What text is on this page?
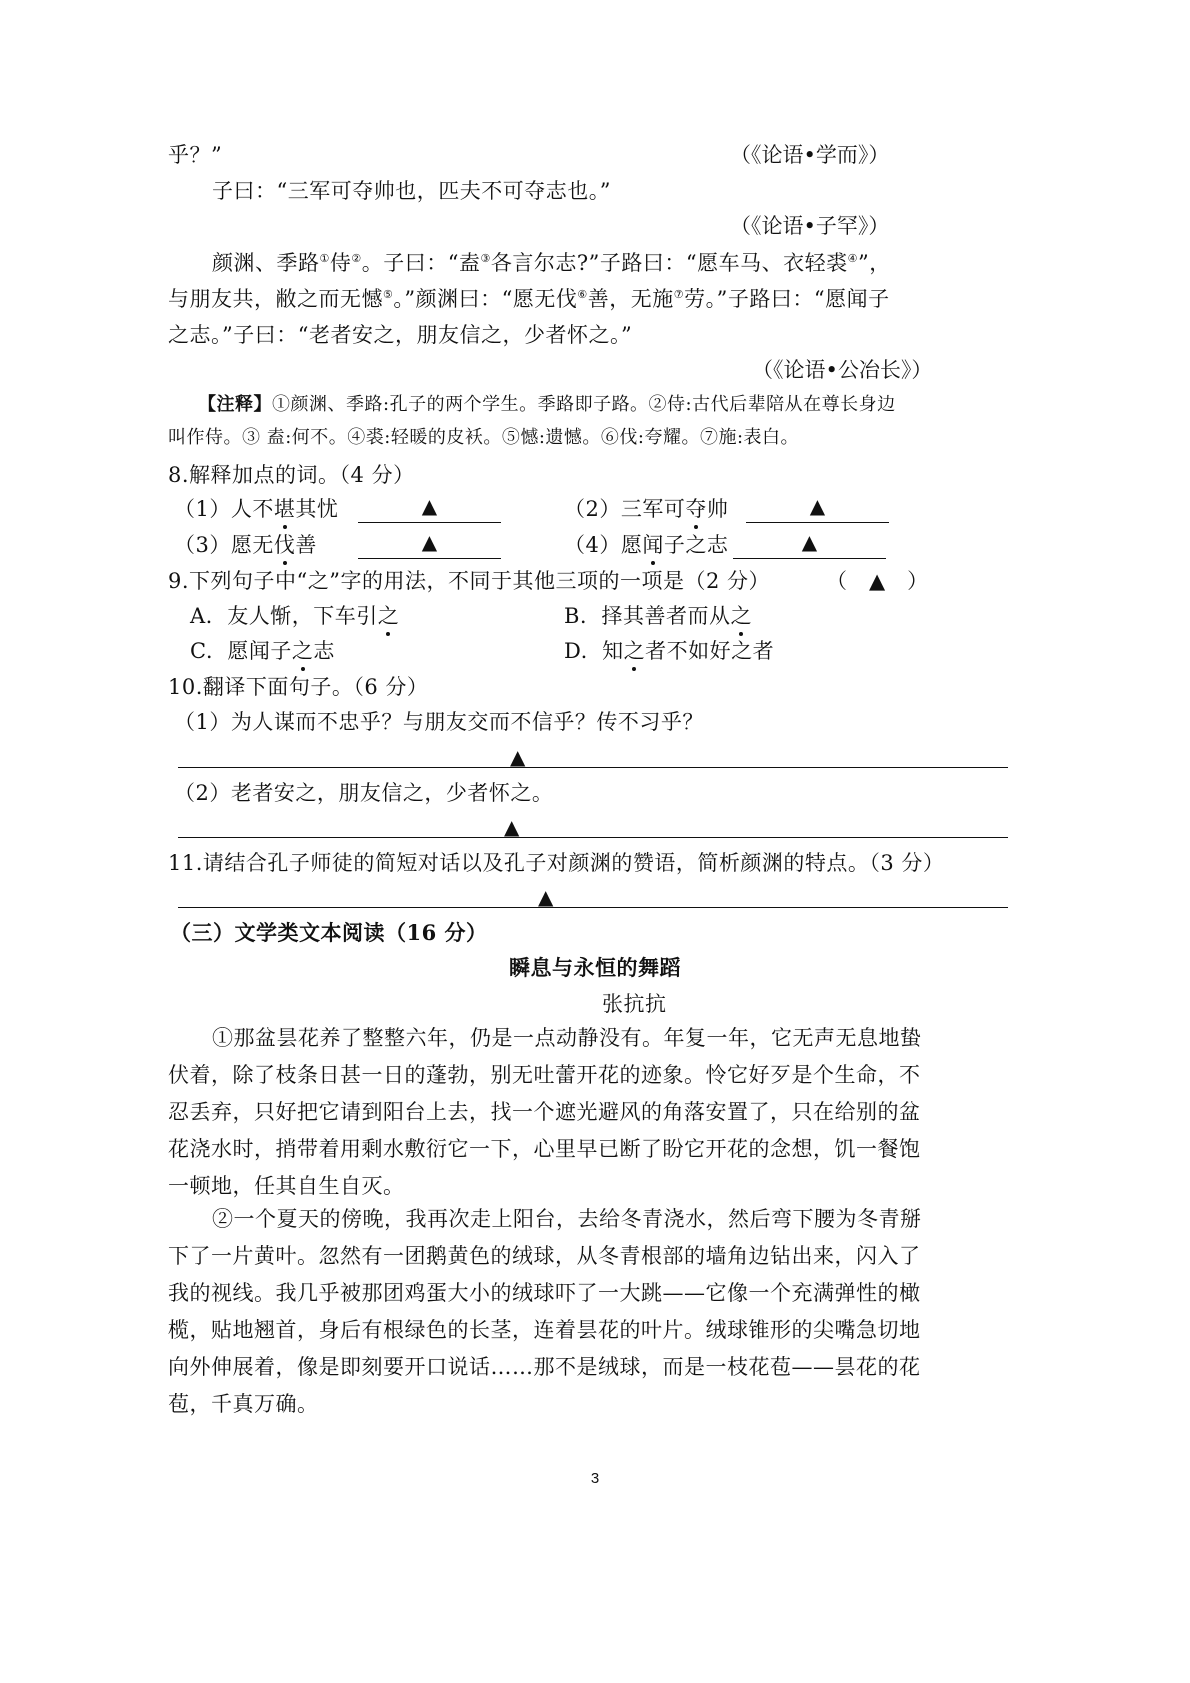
乎？”	（《论语•学而》）
子曰：“三军可夺帅也，匹夫不可夺志也。”
（《论语•子罕》）
颜渊、季路①侍②。子曰：“盍③各言尔志?”子路曰：“愿车马、衣轻裘④”，
与朋友共，敝之而无憾⑤。”颜渊曰：“愿无伐⑥善，无施⑦劳。”子路曰：“愿闻子
之志。”子曰：“老者安之，朋友信之，少者怀之。”
（《论语•公冶长》）
【注释】①颜渊、季路:孔子的两个学生。季路即子路。②侍:古代后辈陪从在尊长身边
叫作侍。③ 盍:何不。④裘:轻暖的皮袄。⑤憾:遗憾。⑥伐:夸耀。⑦施:表白。
8.解释加点的词。（4 分）
（1）人不堪其忧	▲	（2）三军可夺帅	▲
（3）愿无伐善	▲	（4）愿闻子之志	▲
9.下列句子中“之”字的用法，不同于其他三项的一项是（2 分）	（　▲　）
A. 友人惭，下车引之	B. 择其善者而从之
C. 愿闻子之志	D. 知之者不如好之者
10.翻译下面句子。（6 分）
（1）为人谋而不忠乎？与朋友交而不信乎？传不习乎？
▲
（2）老者安之，朋友信之，少者怀之。
▲
11.请结合孔子师徒的简短对话以及孔子对颜渊的赞语，简析颜渊的特点。（3 分）
▲
（三）文学类文本阅读（16 分）
瞬息与永恒的舞蹈
张抗抗
①那盆昙花养了整整六年，仍是一点动静没有。年复一年，它无声无息地蛰
伏着，除了枝条日甚一日的蓬勃，别无吐蕾开花的迹象。怜它好歹是个生命，不
忍丢弃，只好把它请到阳台上去，找一个遮光避风的角落安置了，只在给别的盆
花浇水时，捎带着用剩水敷衍它一下，心里早已断了盼它开花的念想，饥一餐饱
一顿地，任其自生自灭。
②一个夏天的傍晚，我再次走上阳台，去给冬青浇水，然后弯下腰为冬青掰
下了一片黄叶。忽然有一团鹅黄色的绒球，从冬青根部的墙角边钻出来，闪入了
我的视线。我几乎被那团鸡蛋大小的绒球吓了一大跳——它像一个充满弹性的橄
榄，贴地翘首，身后有根绿色的长茎，连着昙花的叶片。绒球锥形的尖嘴急切地
向外伸展着，像是即刻要开口说话……那不是绒球，而是一枝花苞——昙花的花
苞，千真万确。
3
